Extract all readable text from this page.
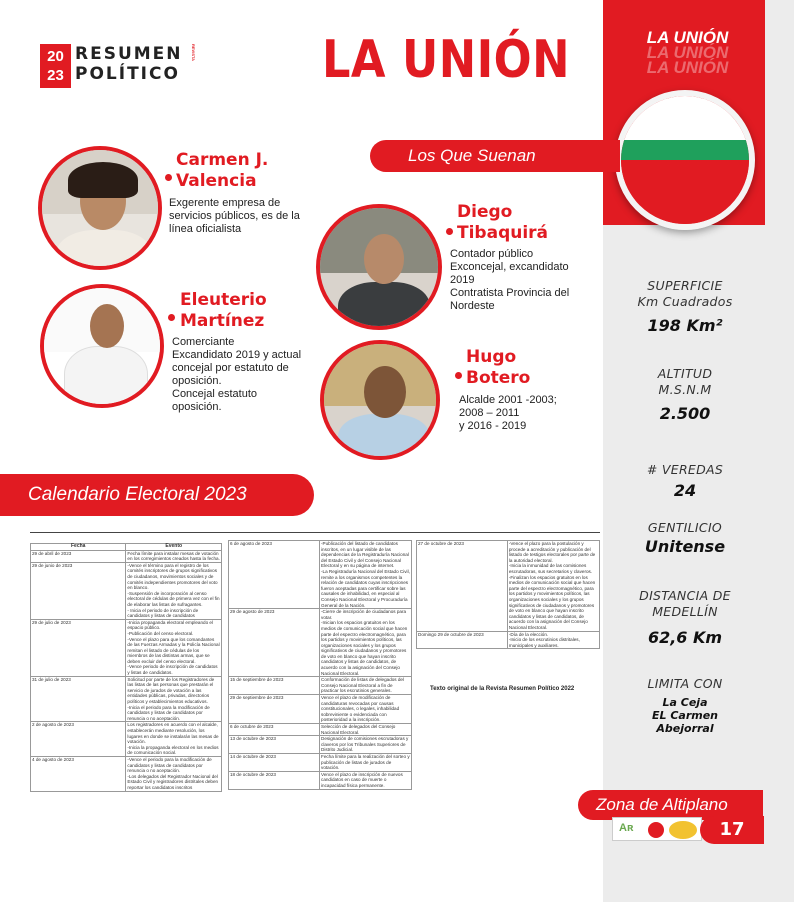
LA UNIÓN
LA UNIÓN
LA UNIÓN
SUPERFICIE
Km Cuadrados
198 Km²
ALTITUD
M.S.N.M
2.500
# VEREDAS
24
GENTILICIO
Unitense
DISTANCIA DE
MEDELLÍN
62,6 Km
LIMITA CON
La Ceja
EL Carmen
Abejorral
20
23
RESUMEN
POLÍTICO
REVISTA LA UNIÓN
Los Que Suenan
Carmen J.
Valencia
Exgerente empresa de servicios públicos, es de la línea oficialista
Diego
Tibaquirá
Contador público
Exconcejal, excandidato 2019
Contratista Provincia del Nordeste
Eleuterio
Martínez
Comerciante
Excandidato 2019 y actual concejal por estatuto de oposición.
Concejal estatuto oposición.
Hugo
Botero
Alcalde 2001 -2003;
2008 – 2011
y 2016 - 2019
Calendario Electoral 2023
Fecha	Evento
29 de abril de 2023	Fecha límite para instalar mesas de votación en los corregimientos creados hasta la fecha.
29 de junio de 2023	-Vence el término para el registro de los comités inscriptores de grupos significativos de ciudadanos, movimientos sociales y de comités independientes promotores del voto en blanco.
-Suspensión de incorporación al censo electoral de cédulas de primera vez con el fin de elaborar las listas de sufragantes.
- Inicia el periodo de inscripción de candidatos y listas de candidatos
29 de julio de 2023	-Inicia propaganda electoral empleando el espacio público.
-Publicación del censo electoral.
-Vence el plazo para que los comandantes de las Fuerzas Armadas y la Policía Nacional remitan el listado de cédulas de los miembros de las distintas armas, que se deben excluir del censo electoral.
-Vence periodo de inscripción de candidatos y listas de candidatos.
31 de julio de 2023	Solicitud por parte de los Registradores de las listas de las personas que prestarán el servicio de jurados de votación a las entidades públicas, privadas, directorios políticos y establecimientos educativos.
-Inicia el periodo para la modificación de candidatos y listas de candidatos por renuncia o no aceptación.
2 de agosto de 2023	Los registradores en acuerdo con el alcalde, establecerán mediante resolución, los lugares en donde se instalarán las mesas de votación.
-Inicia la propaganda electoral en los medios de comunicación social.
4 de agosto de 2023	-Vence el periodo para la modificación de candidatos y listas de candidatos por renuncia o no aceptación.
-Los delegados del Registrador Nacional del Estado Civil y registradores distritales deben reportar los candidatos inscritos
6 de agosto de 2023	-Publicación del listado de candidatos inscritos, en un lugar visible de las dependencias de la Registraduría Nacional del Estado Civil y del Consejo Nacional Electoral y en su página de internet.
-La Registraduría Nacional del Estado Civil, remite a los organismos competentes la relación de candidatos cuyas inscripciones fueron aceptadas para certificar sobre las causales de inhabilidad, en especial al Consejo Nacional Electoral y Procuraduría General de la Nación.
29 de agosto de 2023	-Cierre de inscripción de ciudadanos para votar.
-Inician los espacios gratuitos en los medios de comunicación social que hacen parte del espectro electromagnético, para los partidos y movimientos políticos, las organizaciones sociales y los grupos significativos de ciudadanos y promotores de voto en blanco que hayan inscrito candidatos y listas de candidatos, de acuerdo con la asignación del Consejo Nacional Electoral.
15 de septiembre de 2023	Conformación de listas de delegados del Consejo Nacional Electoral a fin de practicar los escrutinios generales.
29 de septiembre de 2023	Vence el plazo de modificación de candidaturas revocadas por causas constitucionales, o legales, inhabilidad sobreviniente o evidenciada con posterioridad a la inscripción.
6 de octubre de 2023	Selección de delegados del Consejo Nacional Electoral.
13 de octubre de 2023	Designación de comisiones escrutadoras y claveros por los Tribunales Superiores de Distrito Judicial.
14 de octubre de 2023	Fecha límite para la realización del sorteo y publicación de listas de jurados de votación.
18 de octubre de 2023	Vence el plazo de inscripción de nuevos candidatos en caso de muerte o incapacidad física permanente.
27 de octubre de 2023	-Vence el plazo para la postulación y procede a acreditación y publicación del listado de testigos electorales por parte de la autoridad electoral.
-Inicia la inmunidad de las comisiones escrutadoras, sus secretarios y claveros.
-Finalizan los espacios gratuitos en los medios de comunicación social que hacen parte del espectro electromagnético, para los partidos y movimientos políticos, las organizaciones sociales y los grupos significativos de ciudadanos y promotores de voto en blanco que hayan inscrito candidatos y listas de candidatos, de acuerdo con la asignación del Consejo Nacional Electoral.
Domingo 29 de octubre de 2023	-Día de la elección.
-Inicio de los escrutinios distritales, municipales y auxiliares.
Texto original de la Revista Resumen Político 2022
Zona de Altiplano
Aʀ	17
